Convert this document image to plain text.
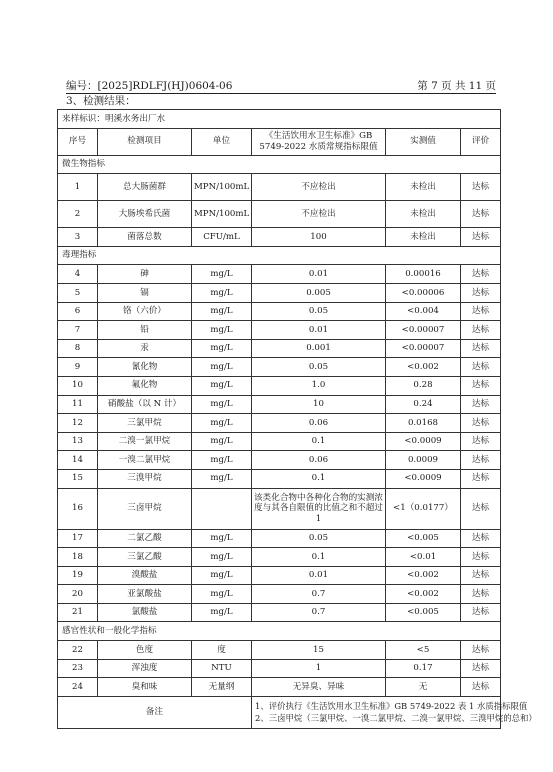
编号：[2025]RDLFJ(HJ)0604-06	第 7 页 共 11 页
3、检测结果：
来样标识：明溪水务出厂水					
序号	检测项目	单位	《生活饮用水卫生标准》GB 5749-2022 水质常规指标限值	实测值	评价
微生物指标					
1	总大肠菌群	MPN/100mL	不应检出	未检出	达标
2	大肠埃希氏菌	MPN/100mL	不应检出	未检出	达标
3	菌落总数	CFU/mL	100	未检出	达标
毒理指标					
4	砷	mg/L	0.01	0.00016	达标
5	镉	mg/L	0.005	<0.00006	达标
6	铬（六价）	mg/L	0.05	<0.004	达标
7	铅	mg/L	0.01	<0.00007	达标
8	汞	mg/L	0.001	<0.00007	达标
9	氰化物	mg/L	0.05	<0.002	达标
10	氟化物	mg/L	1.0	0.28	达标
11	硝酸盐（以 N 计）	mg/L	10	0.24	达标
12	三氯甲烷	mg/L	0.06	0.0168	达标
13	二溴一氯甲烷	mg/L	0.1	<0.0009	达标
14	一溴二氯甲烷	mg/L	0.06	0.0009	达标
15	三溴甲烷	mg/L	0.1	<0.0009	达标
16	三卤甲烷		该类化合物中各种化合物的实测浓度与其各自限值的比值之和不超过 1	<1（0.0177）	达标
17	二氯乙酸	mg/L	0.05	<0.005	达标
18	三氯乙酸	mg/L	0.1	<0.01	达标
19	溴酸盐	mg/L	0.01	<0.002	达标
20	亚氯酸盐	mg/L	0.7	<0.002	达标
21	氯酸盐	mg/L	0.7	<0.005	达标
感官性状和一般化学指标					
22	色度	度	15	<5	达标
23	浑浊度	NTU	1	0.17	达标
24	臭和味	无量纲	无异臭、异味	无	达标
备注			1、评价执行《生活饮用水卫生标准》GB 5749-2022 表 1 水质指标限值
2、三卤甲烷（三氯甲烷、一溴二氯甲烷、二溴一氯甲烷、三溴甲烷的总和）		
